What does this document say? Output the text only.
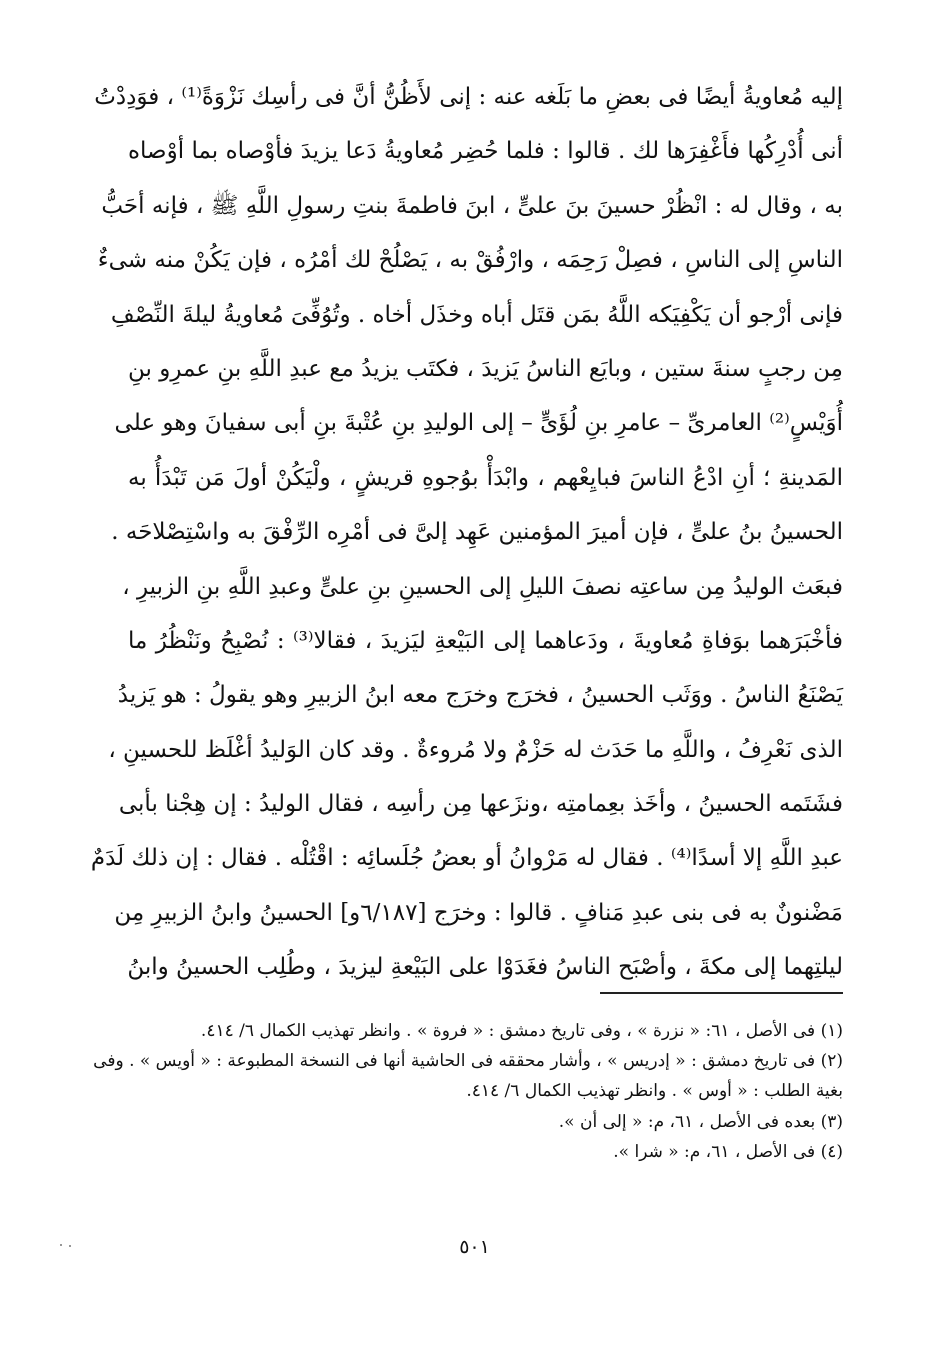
إليه مُعاويةُ أيضًا فى بعضِ ما بَلَغه عنه : إنى لأَظُنُّ أنَّ فى رأسِك نَزْوَةً⁽¹⁾ ، فوَدِدْتُ
أنى أُدْرِكُها فأَغْفِرَها لك . قالوا : فلما حُضِر مُعاويةُ دَعا يزيدَ فأوْصاه بما أوْصاه
به ، وقال له : انْظُرْ حسينَ بنَ علىٍّ ، ابنَ فاطمةَ بنتِ رسولِ اللَّهِ ﷺ ، فإنه أحَبُّ
الناسِ إلى الناسِ ، فصِلْ رَحِمَه ، وارْفُقْ به ، يَصْلُحْ لك أمْرُه ، فإن يَكُنْ منه شىءٌ
فإنى أرْجو أن يَكْفِيَكه اللَّهُ بمَن قتَل أباه وخذَل أخاه . وتُوُفِّىَ مُعاويةُ ليلةَ النِّصْفِ
مِن رجبٍ سنةَ ستين ، وبايَع الناسُ يَزيدَ ، فكتَب يزيدُ مع عبدِ اللَّهِ بنِ عمرِو بنِ
أُوَيْسٍ⁽²⁾ العامرىِّ – عامرِ بنِ لُؤَىٍّ – إلى الوليدِ بنِ عُتْبةَ بنِ أبى سفيانَ وهو على
المَدينةِ ؛ أنِ ادْعُ الناسَ فبايِعْهم ، وابْدَأْ بوُجوهِ قريشٍ ، ولْيَكُنْ أولَ مَن تَبْدَأُ به
الحسينُ بنُ علىٍّ ، فإن أميرَ المؤمنين عَهِد إلىَّ فى أمْرِه الرِّفْقَ به واسْتِصْلاحَه .
فبعَث الوليدُ مِن ساعتِه نصفَ الليلِ إلى الحسينِ بنِ علىٍّ وعبدِ اللَّهِ بنِ الزبيرِ ،
فأخْبَرَهما بوَفاةِ مُعاويةَ ، ودَعاهما إلى البَيْعةِ ليَزيدَ ، فقالا⁽³⁾ : نُصْبِحُ ونَنْظُرُ ما
يَصْنَعُ الناسُ . ووَثَب الحسينُ ، فخرَج وخرَج معه ابنُ الزبيرِ وهو يقولُ : هو يَزيدُ
الذى نَعْرِفُ ، واللَّهِ ما حَدَث له حَزْمٌ ولا مُروءةٌ . وقد كان الوَليدُ أغْلَظ للحسينِ ،
فشَتَمه الحسينُ ، وأخَذ بعِمامتِه ،ونزَعها مِن رأسِه ، فقال الوليدُ : إن هِجْنا بأبى
عبدِ اللَّهِ إلا أسدًا⁽⁴⁾ . فقال له مَرْوانُ أو بعضُ جُلَسائِه : اقْتُلْه . فقال : إن ذلك لَدَمٌ
مَضْنونٌ به فى بنى عبدِ مَنافٍ . قالوا : وخرَج [٦/١٨٧و] الحسينُ وابنُ الزبيرِ مِن
ليلتِهما إلى مكةَ ، وأصْبَح الناسُ فغَدَوْا على البَيْعةِ ليزيدَ ، وطُلِب الحسينُ وابنُ
(١) فى الأصل ، ٦١: « نزرة » ، وفى تاريخ دمشق : « فروة » . وانظر تهذيب الكمال ٦/ ٤١٤.
(٢) فى تاريخ دمشق : « إدريس » ، وأشار محققه فى الحاشية أنها فى النسخة المطبوعة : « أويس » . وفى
بغية الطلب : « أوس » . وانظر تهذيب الكمال ٦/ ٤١٤.
(٣) بعده فى الأصل ، ٦١، م: « إلى أن ».
(٤) فى الأصل ، ٦١، م: « شرا ».
٥٠١
